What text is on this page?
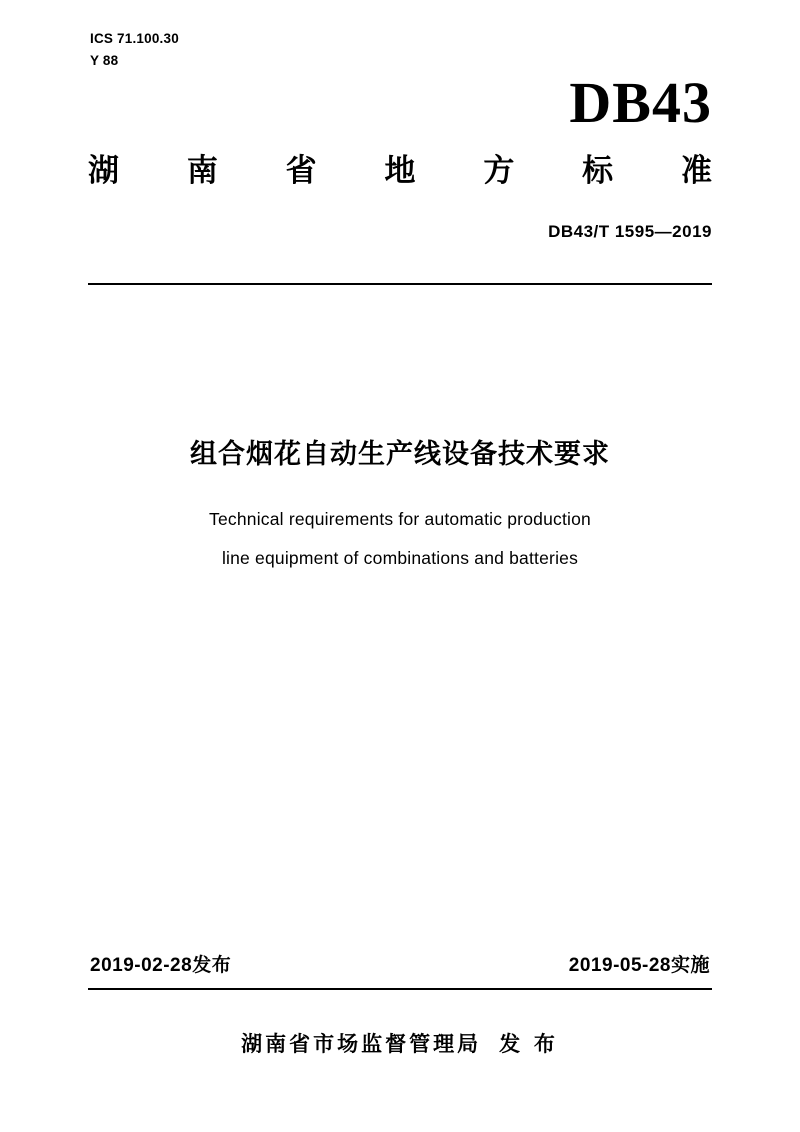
ICS 71.100.30
Y 88
DB43
湖 南 省 地 方 标 准
DB43/T 1595—2019
组合烟花自动生产线设备技术要求
Technical requirements for automatic production
line equipment of combinations and batteries
2019-02-28发布	2019-05-28实施
湖南省市场监督管理局 发 布
